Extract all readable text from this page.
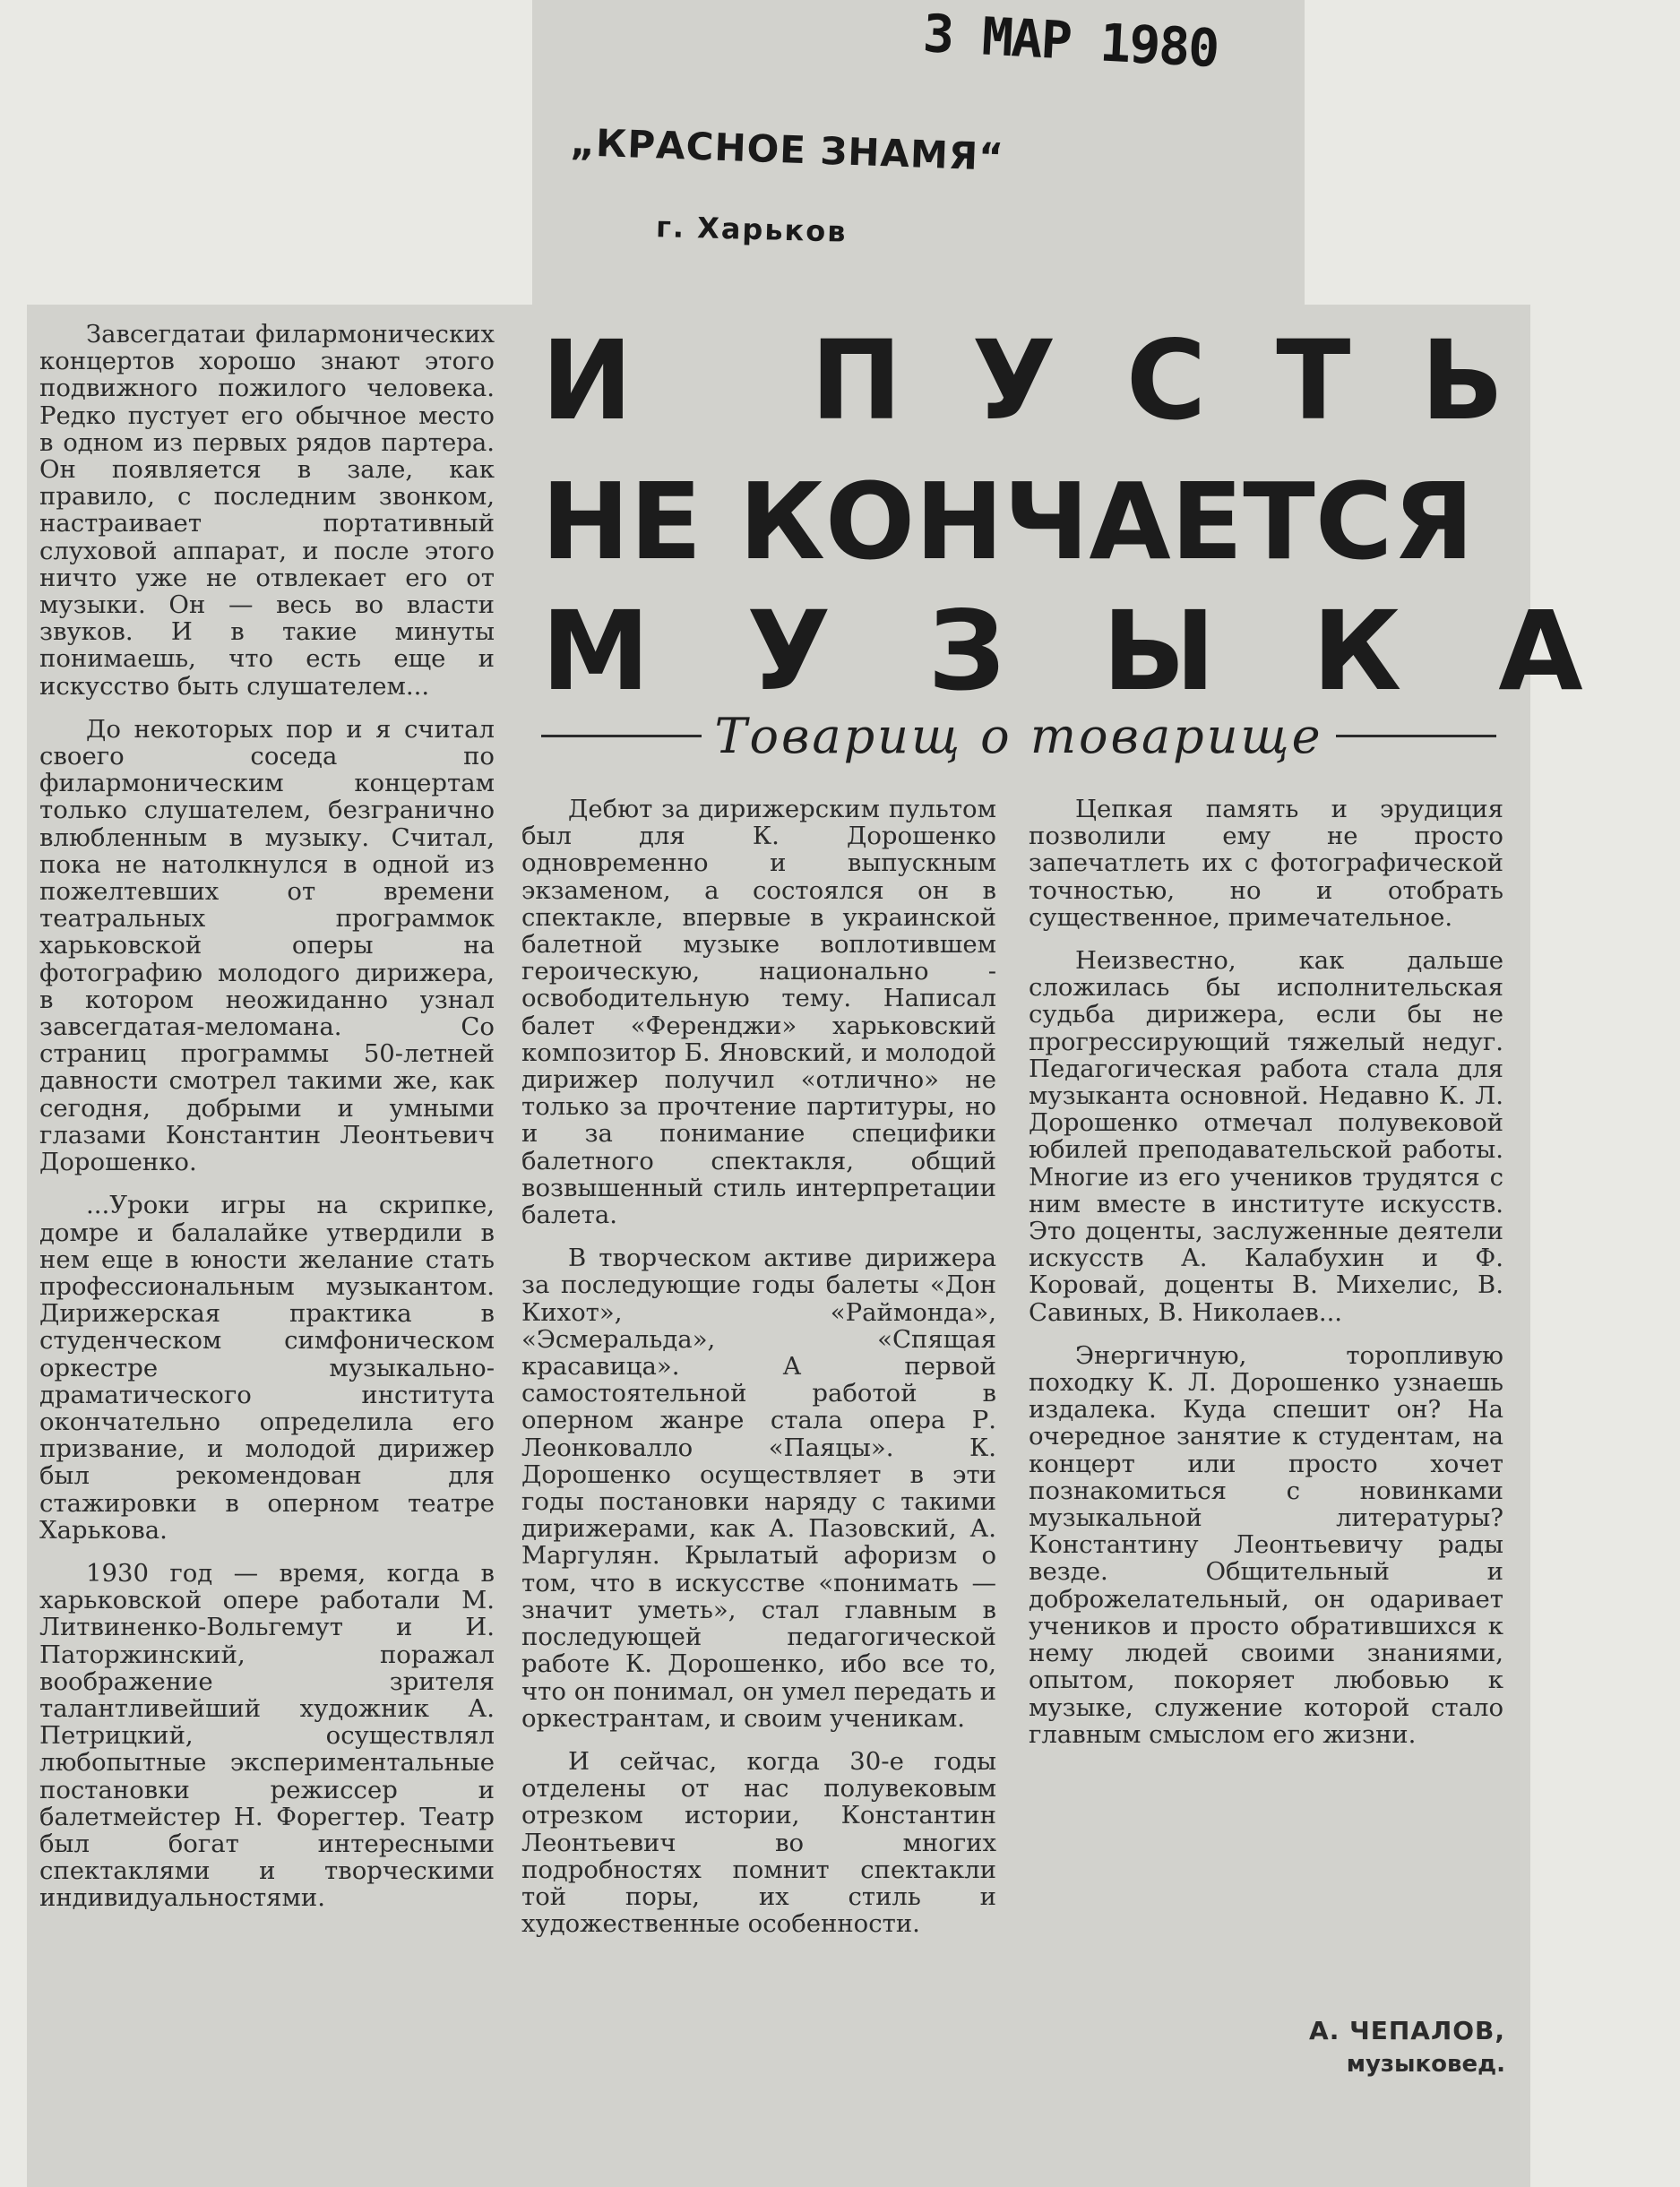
3 МАР 1980
„КРАСНОЕ ЗНАМЯ“
г. Харьков
И ПУСТЬ
НЕ КОНЧАЕТСЯ
МУЗЫКА
Товарищ о товарище

Завсегдатаи филармонических концертов хорошо знают этого подвижного пожилого человека. Редко пустует его обычное место в одном из первых рядов партера. Он появляется в зале, как правило, с последним звонком, настраивает портативный слуховой аппарат, и после этого ничто уже не отвлекает его от музыки. Он — весь во власти звуков. И в такие минуты понимаешь, что есть еще и искусство быть слушателем...

До некоторых пор и я считал своего соседа по филармоническим концертам только слушателем, безгранично влюбленным в музыку. Считал, пока не натолкнулся в одной из пожелтевших от времени театральных программок харьковской оперы на фотографию молодого дирижера, в котором неожиданно узнал завсегдатая-меломана. Со страниц программы 50-летней давности смотрел такими же, как сегодня, добрыми и умными глазами Константин Леонтьевич Дорошенко.

...Уроки игры на скрипке, домре и балалайке утвердили в нем еще в юности желание стать профессиональным музыкантом. Дирижерская практика в студенческом симфоническом оркестре музыкально-драматического института окончательно определила его призвание, и молодой дирижер был рекомендован для стажировки в оперном театре Харькова.

1930 год — время, когда в харьковской опере работали М. Литвиненко-Вольгемут и И. Паторжинский, поражал воображение зрителя талантливейший художник А. Петрицкий, осуществлял любопытные экспериментальные постановки режиссер и балетмейстер Н. Форегтер. Театр был богат интересными спектаклями и творческими индивидуальностями.

Дебют за дирижерским пультом был для К. Дорошенко одновременно и выпускным экзаменом, а состоялся он в спектакле, впервые в украинской балетной музыке воплотившем героическую, национально - освободительную тему. Написал балет «Ференджи» харьковский композитор Б. Яновский, и молодой дирижер получил «отлично» не только за прочтение партитуры, но и за понимание специфики балетного спектакля, общий возвышенный стиль интерпретации балета.

В творческом активе дирижера за последующие годы балеты «Дон Кихот», «Раймонда», «Эсмеральда», «Спящая красавица». А первой самостоятельной работой в оперном жанре стала опера Р. Леонковалло «Паяцы». К. Дорошенко осуществляет в эти годы постановки наряду с такими дирижерами, как А. Пазовский, А. Маргулян. Крылатый афоризм о том, что в искусстве «понимать — значит уметь», стал главным в последующей педагогической работе К. Дорошенко, ибо все то, что он понимал, он умел передать и оркестрантам, и своим ученикам.

И сейчас, когда 30-е годы отделены от нас полувековым отрезком истории, Константин Леонтьевич во многих подробностях помнит спектакли той поры, их стиль и художественные особенности.

Цепкая память и эрудиция позволили ему не просто запечатлеть их с фотографической точностью, но и отобрать существенное, примечательное.

Неизвестно, как дальше сложилась бы исполнительская судьба дирижера, если бы не прогрессирующий тяжелый недуг. Педагогическая работа стала для музыканта основной. Недавно К. Л. Дорошенко отмечал полувековой юбилей преподавательской работы. Многие из его учеников трудятся с ним вместе в институте искусств. Это доценты, заслуженные деятели искусств А. Калабухин и Ф. Коровай, доценты В. Михелис, В. Савиных, В. Николаев...

Энергичную, торопливую походку К. Л. Дорошенко узнаешь издалека. Куда спешит он? На очередное занятие к студентам, на концерт или просто хочет познакомиться с новинками музыкальной литературы? Константину Леонтьевичу рады везде. Общительный и доброжелательный, он одаривает учеников и просто обратившихся к нему людей своими знаниями, опытом, покоряет любовью к музыке, служение которой стало главным смыслом его жизни.

А. ЧЕПАЛОВ,
музыковед.
